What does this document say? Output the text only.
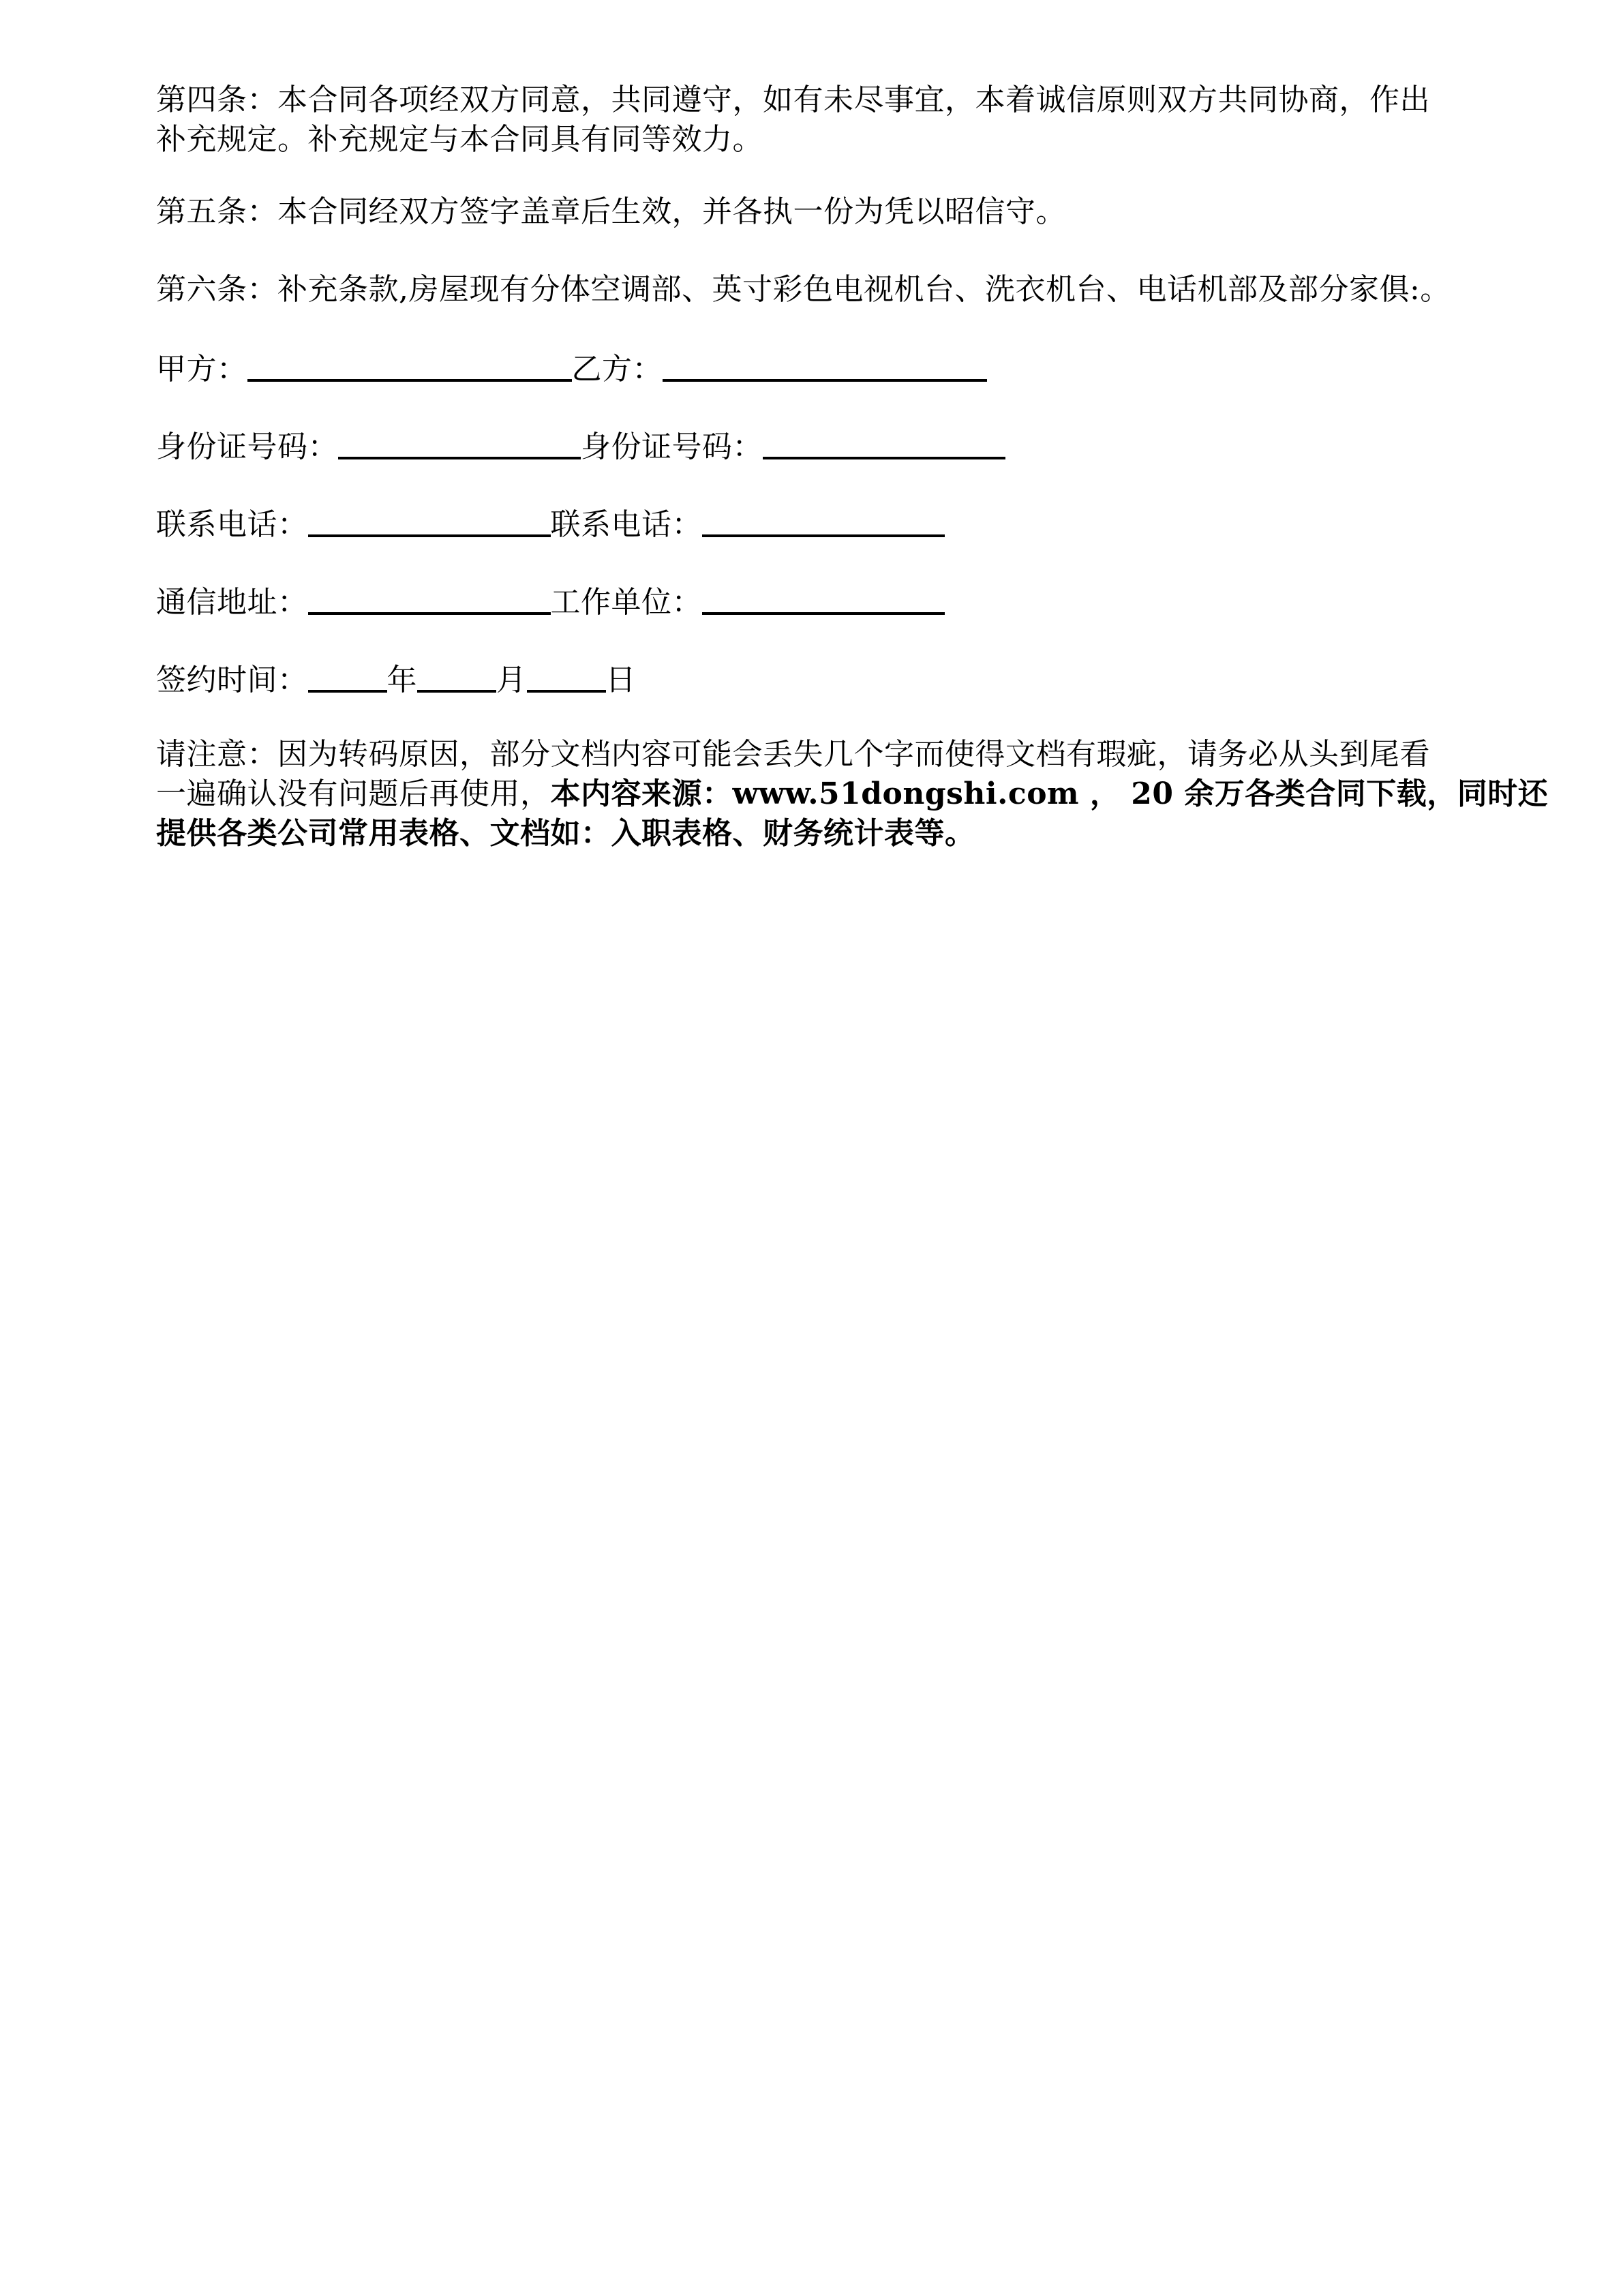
第四条：本合同各项经双方同意，共同遵守，如有未尽事宜，本着诚信原则双方共同协商，作出
补充规定。补充规定与本合同具有同等效力。
第五条：本合同经双方签字盖章后生效，并各执一份为凭以昭信守。
第六条：补充条款,房屋现有分体空调部、英寸彩色电视机台、洗衣机台、电话机部及部分家俱:。
甲方：	乙方：
身份证号码：	身份证号码：
联系电话：	联系电话：
通信地址：	工作单位：
签约时间：	年	月	日
请注意：因为转码原因，部分文档内容可能会丢失几个字而使得文档有瑕疵，请务必从头到尾看
一遍确认没有问题后再使用，本内容来源：www.51dongshi.com ， 20 余万各类合同下载，同时还
提供各类公司常用表格、文档如：入职表格、财务统计表等。
